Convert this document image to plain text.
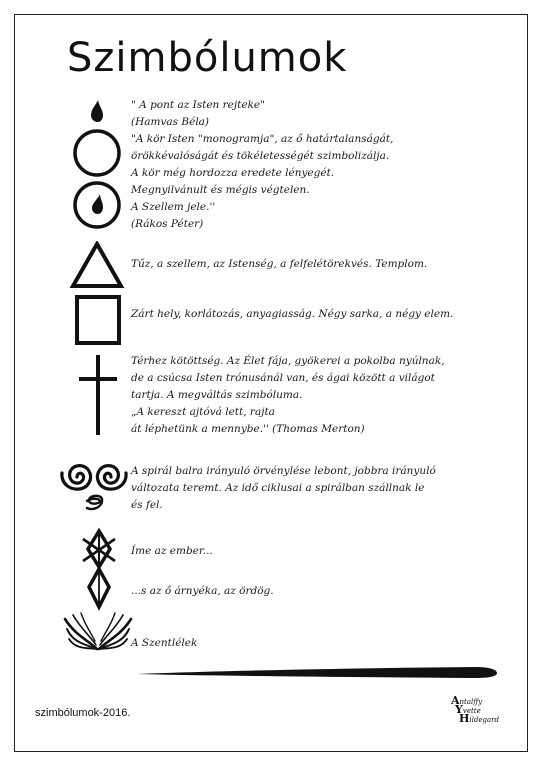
Szimbólumok
" A pont az Isten rejteke"
(Hamvas Béla)
"A kör Isten "monogramja", az ő határtalanságát,
örökkévalóságát és tökéletességét szimbolizálja.
A kör még hordozza eredete lényegét.
Megnyilvánult és mégis végtelen.
A Szellem jele.''
(Rákos Péter)
Tűz, a szellem, az Istenség, a felfelétörekvés. Templom.
Zárt hely, korlátozás, anyagiasság. Négy sarka, a négy elem.
Térhez kötöttség. Az Élet fája, gyökerei a pokolba nyúlnak,
de a csúcsa Isten trónusánál van, és ágai között a világot
tartja. A megváltás szimbóluma.
„A kereszt ajtóvá lett, rajta
át léphetünk a mennybe.'' (Thomas Merton)
A spirál balra irányuló örvénylése lebont, jobbra irányuló
változata teremt. Az idő ciklusai a spirálban szállnak le
és fel.
Íme az ember...
...s az ő árnyéka, az ördög.
A Szentlélek
szimbólumok-2016.
Antalffy
Yvette
Hildegard
